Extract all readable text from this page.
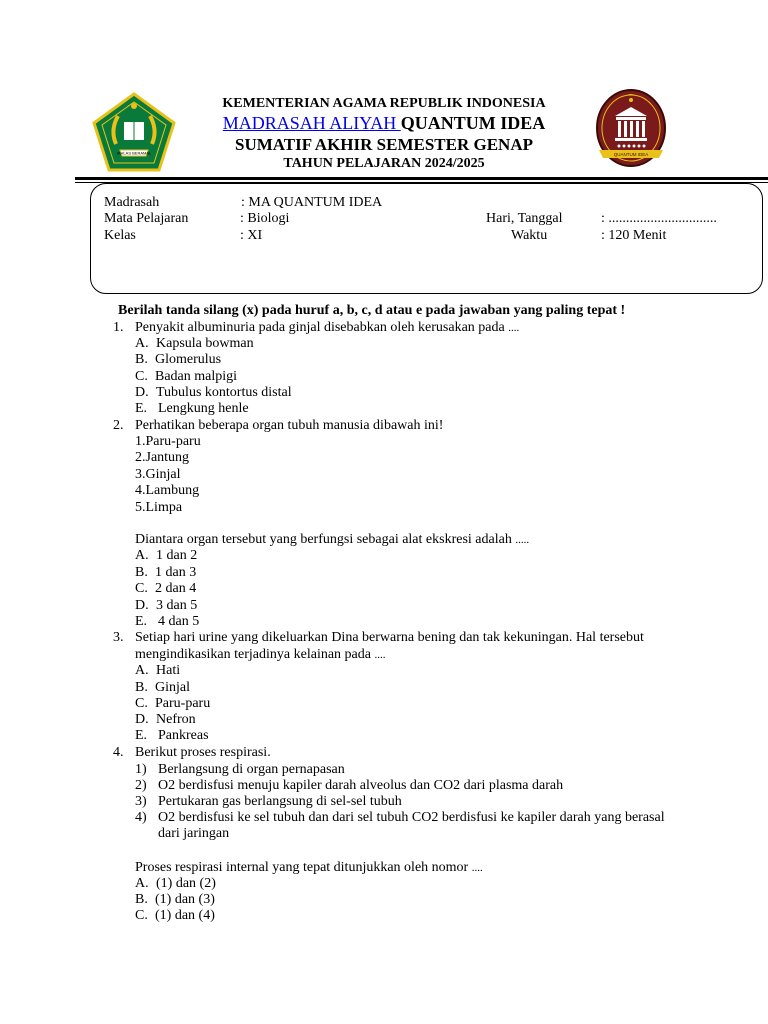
IKHLAS BERAMAL	QUANTUM IDEA
KEMENTERIAN AGAMA REPUBLIK INDONESIA
MADRASAH ALIYAH QUANTUM IDEA
SUMATIF AKHIR SEMESTER GENAP
TAHUN PELAJARAN 2024/2025
Madrasah	: MA QUANTUM IDEA
Mata Pelajaran	: Biologi
Kelas	: XI
Hari, Tanggal	: ...............................
Waktu	: 120 Menit
Berilah tanda silang (x) pada huruf a, b, c, d atau e pada jawaban yang paling tepat !
1. Penyakit albuminuria pada ginjal disebabkan oleh kerusakan pada ....
A. Kapsula bowman
B. Glomerulus
C. Badan malpigi
D. Tubulus kontortus distal
E. Lengkung henle
2. Perhatikan beberapa organ tubuh manusia dibawah ini!
1.Paru-paru
2.Jantung
3.Ginjal
4.Lambung
5.Limpa
Diantara organ tersebut yang berfungsi sebagai alat ekskresi adalah .....
A. 1 dan 2
B. 1 dan 3
C. 2 dan 4
D. 3 dan 5
E. 4 dan 5
3. Setiap hari urine yang dikeluarkan Dina berwarna bening dan tak kekuningan. Hal tersebut
mengindikasikan terjadinya kelainan pada ....
A. Hati
B. Ginjal
C. Paru-paru
D. Nefron
E. Pankreas
4. Berikut proses respirasi.
1) Berlangsung di organ pernapasan
2) O2 berdisfusi menuju kapiler darah alveolus dan CO2 dari plasma darah
3) Pertukaran gas berlangsung di sel-sel tubuh
4) O2 berdisfusi ke sel tubuh dan dari sel tubuh CO2 berdisfusi ke kapiler darah yang berasal
dari jaringan
Proses respirasi internal yang tepat ditunjukkan oleh nomor ....
A. (1) dan (2)
B. (1) dan (3)
C. (1) dan (4)
